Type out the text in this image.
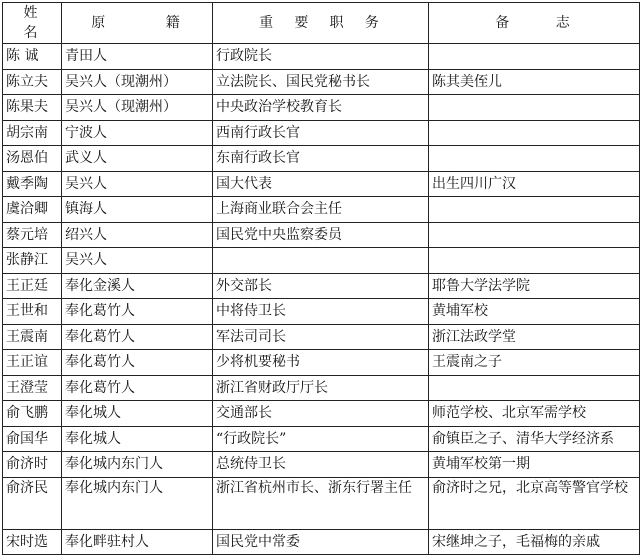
姓 名	原 籍	重 要 职 务	备 志
陈 诚	青田人	行政院长	
陈立夫	吴兴人（现潮州）	立法院长、国民党秘书长	陈其美侄儿
陈果夫	吴兴人（现潮州）	中央政治学校教育长	
胡宗南	宁波人	西南行政长官	
汤恩伯	武义人	东南行政长官	
戴季陶	吴兴人	国大代表	出生四川广汉
虞洽卿	镇海人	上海商业联合会主任	
蔡元培	绍兴人	国民党中央监察委员	
张静江	吴兴人		
王正廷	奉化金溪人	外交部长	耶鲁大学法学院
王世和	奉化葛竹人	中将侍卫长	黄埔军校
王震南	奉化葛竹人	军法司司长	浙江法政学堂
王正谊	奉化葛竹人	少将机要秘书	王震南之子
王澄莹	奉化葛竹人	浙江省财政厅厅长	
俞飞鹏	奉化城人	交通部长	师范学校、北京军需学校
俞国华	奉化城人	“行政院长”	俞镇臣之子、清华大学经济系
俞济时	奉化城内东门人	总统侍卫长	黄埔军校第一期
俞济民	奉化城内东门人	浙江省杭州市长、浙东行署主任	俞济时之兄，北京高等警官学校
宋时选	奉化畔驻村人	国民党中常委	宋继坤之子，毛福梅的亲戚
